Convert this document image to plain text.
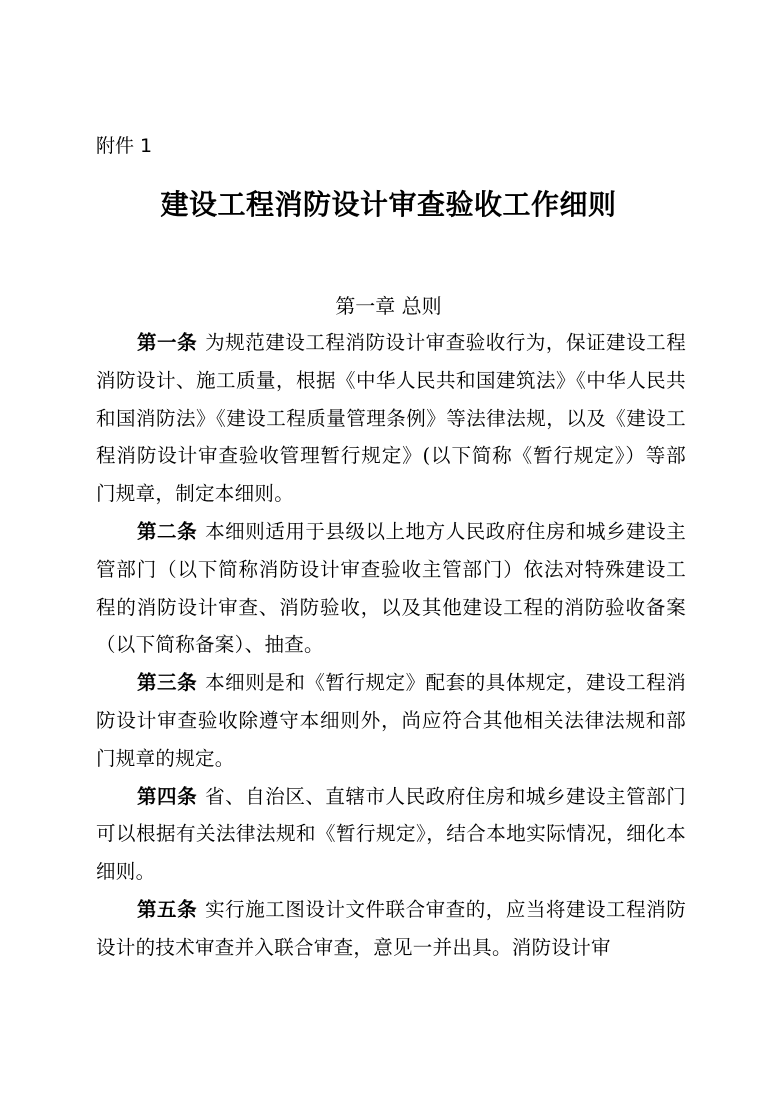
附件 1
建设工程消防设计审查验收工作细则
第一章 总则

第一条 为规范建设工程消防设计审查验收行为，保证建设工程消防设计、施工质量，根据《中华人民共和国建筑法》《中华人民共和国消防法》《建设工程质量管理条例》等法律法规，以及《建设工程消防设计审查验收管理暂行规定》(以下简称《暂行规定》）等部门规章，制定本细则。

第二条 本细则适用于县级以上地方人民政府住房和城乡建设主管部门（以下简称消防设计审查验收主管部门）依法对特殊建设工程的消防设计审查、消防验收，以及其他建设工程的消防验收备案（以下简称备案）、抽查。

第三条 本细则是和《暂行规定》配套的具体规定，建设工程消防设计审查验收除遵守本细则外，尚应符合其他相关法律法规和部门规章的规定。

第四条 省、自治区、直辖市人民政府住房和城乡建设主管部门可以根据有关法律法规和《暂行规定》，结合本地实际情况，细化本细则。

第五条 实行施工图设计文件联合审查的，应当将建设工程消防设计的技术审查并入联合审查，意见一并出具。消防设计审
